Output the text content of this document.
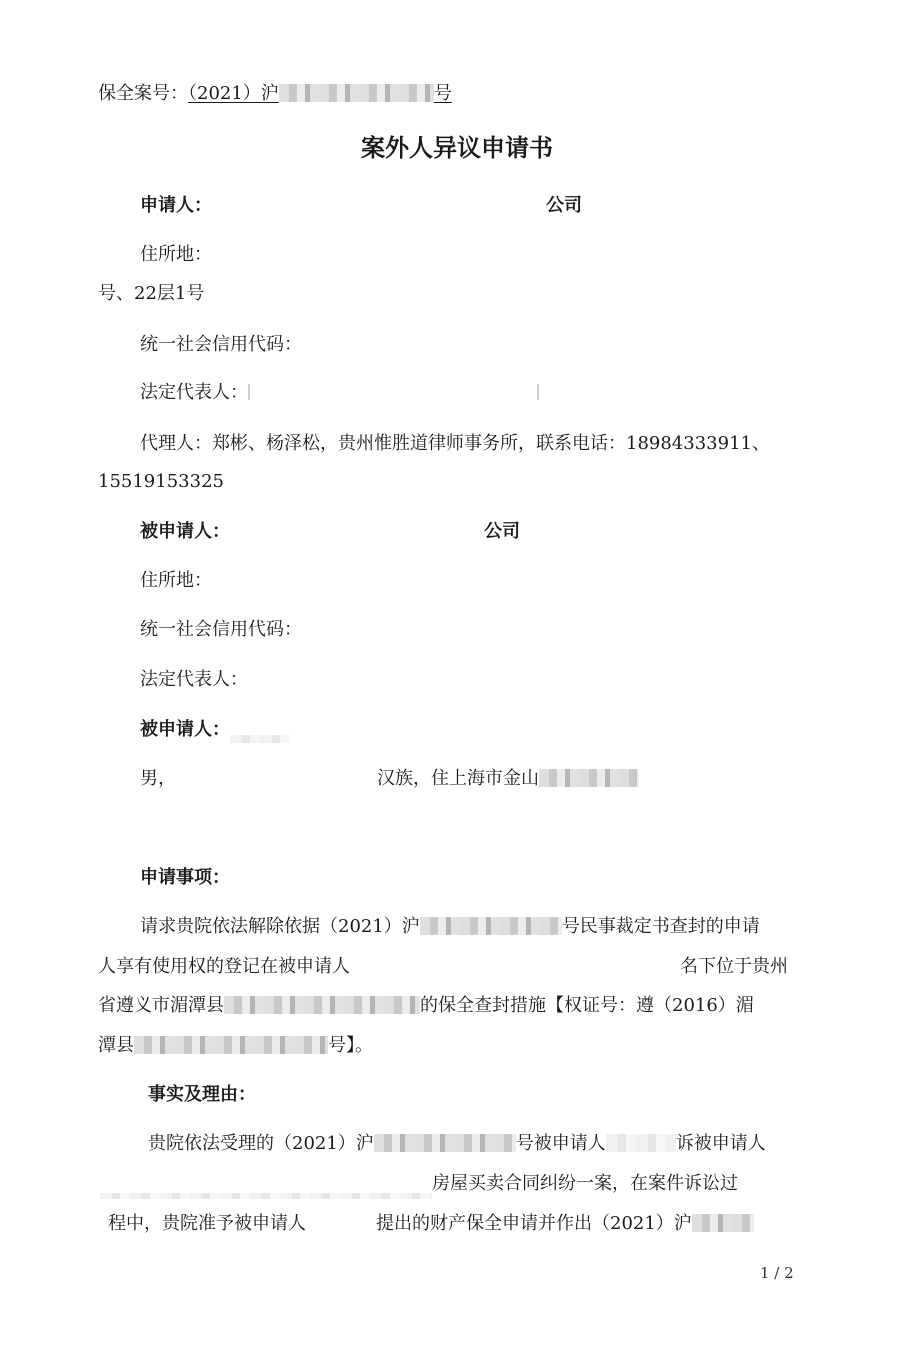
保全案号：（2021）沪	号
案外人异议申请书
申请人：	公司
住所地：
号、22层1号
统一社会信用代码：
法定代表人：
代理人：郑彬、杨泽松，贵州惟胜道律师事务所，联系电话：18984333911、
15519153325
被申请人：	公司
住所地：
统一社会信用代码：
法定代表人：
被申请人：
男，	汉族，住上海市金山
申请事项：
请求贵院依法解除依据（2021）沪	号民事裁定书查封的申请
人享有使用权的登记在被申请人	名下位于贵州
省遵义市湄潭县	的保全查封措施【权证号：遵（2016）湄
潭县	号】。
事实及理由：
贵院依法受理的（2021）沪	号被申请人	诉被申请人
房屋买卖合同纠纷一案，在案件诉讼过
程中，贵院准予被申请人	提出的财产保全申请并作出（2021）沪
1 / 2
